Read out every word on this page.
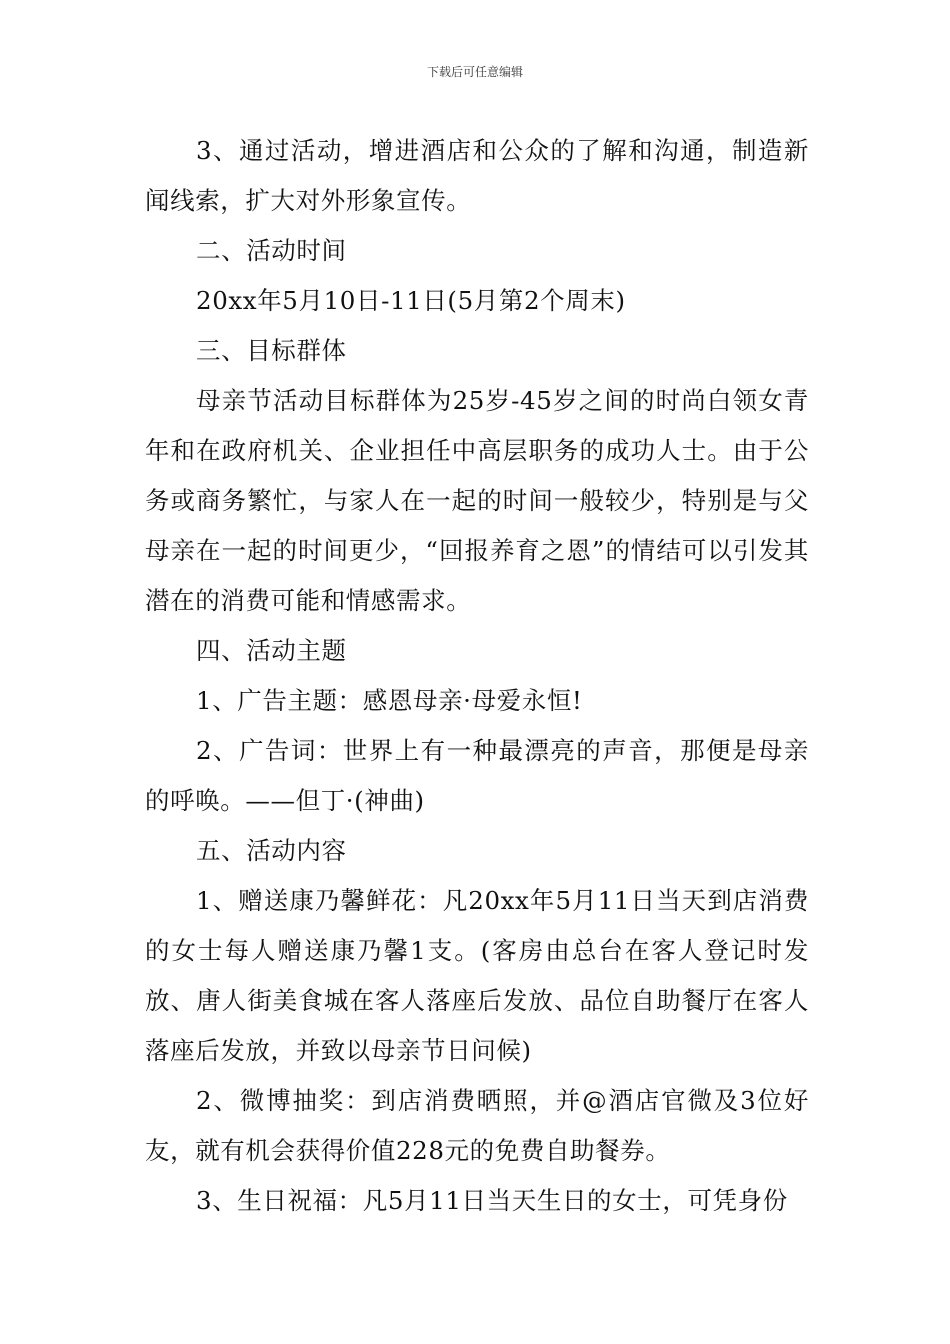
下载后可任意编辑

3、通过活动，增进酒店和公众的了解和沟通，制造新闻线索，扩大对外形象宣传。

二、活动时间

20xx年5月10日-11日(5月第2个周末)

三、目标群体

母亲节活动目标群体为25岁-45岁之间的时尚白领女青年和在政府机关、企业担任中高层职务的成功人士。由于公务或商务繁忙，与家人在一起的时间一般较少，特别是与父母亲在一起的时间更少，“回报养育之恩”的情结可以引发其潜在的消费可能和情感需求。

四、活动主题

1、广告主题：感恩母亲·母爱永恒!

2、广告词：世界上有一种最漂亮的声音，那便是母亲的呼唤。——但丁·(神曲)

五、活动内容

1、赠送康乃馨鲜花：凡20xx年5月11日当天到店消费的女士每人赠送康乃馨1支。(客房由总台在客人登记时发放、唐人街美食城在客人落座后发放、品位自助餐厅在客人落座后发放，并致以母亲节日问候)

2、微博抽奖：到店消费晒照，并@酒店官微及3位好友，就有机会获得价值228元的免费自助餐券。

3、生日祝福：凡5月11日当天生日的女士，可凭身份
